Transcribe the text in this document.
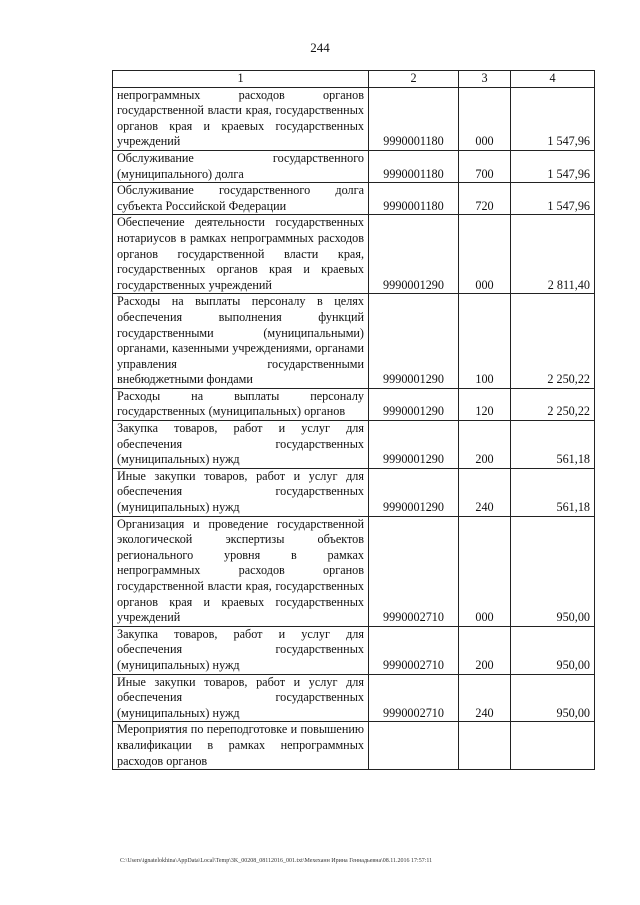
244
1	2	3	4
непрограммных расходов органов государственной власти края, государственных органов края и краевых государственных учреждений	9990001180	000	1 547,96
Обслуживание государственного (муниципального) долга	9990001180	700	1 547,96
Обслуживание государственного долга субъекта Российской Федерации	9990001180	720	1 547,96
Обеспечение деятельности государственных нотариусов в рамках непрограммных расходов органов государственной власти края, государственных органов края и краевых государственных учреждений	9990001290	000	2 811,40
Расходы на выплаты персоналу в целях обеспечения выполнения функций государственными (муниципальными) органами, казенными учреждениями, органами управления государственными внебюджетными фондами	9990001290	100	2 250,22
Расходы на выплаты персоналу государственных (муниципальных) органов	9990001290	120	2 250,22
Закупка товаров, работ и услуг для обеспечения государственных (муниципальных) нужд	9990001290	200	561,18
Иные закупки товаров, работ и услуг для обеспечения государственных (муниципальных) нужд	9990001290	240	561,18
Организация и проведение государственной экологической экспертизы объектов регионального уровня в рамках непрограммных расходов органов государственной власти края, государственных органов края и краевых государственных учреждений	9990002710	000	950,00
Закупка товаров, работ и услуг для обеспечения государственных (муниципальных) нужд	9990002710	200	950,00
Иные закупки товаров, работ и услуг для обеспечения государственных (муниципальных) нужд	9990002710	240	950,00
Мероприятия по переподготовке и повышению квалификации в рамках непрограммных расходов органов			
C:\Users\ignatelokhina\AppData\Local\Temp\3K_00208_08112016_001.txt\Мехеханн Ирина Геннадьевна\08.11.2016 17:57:11
